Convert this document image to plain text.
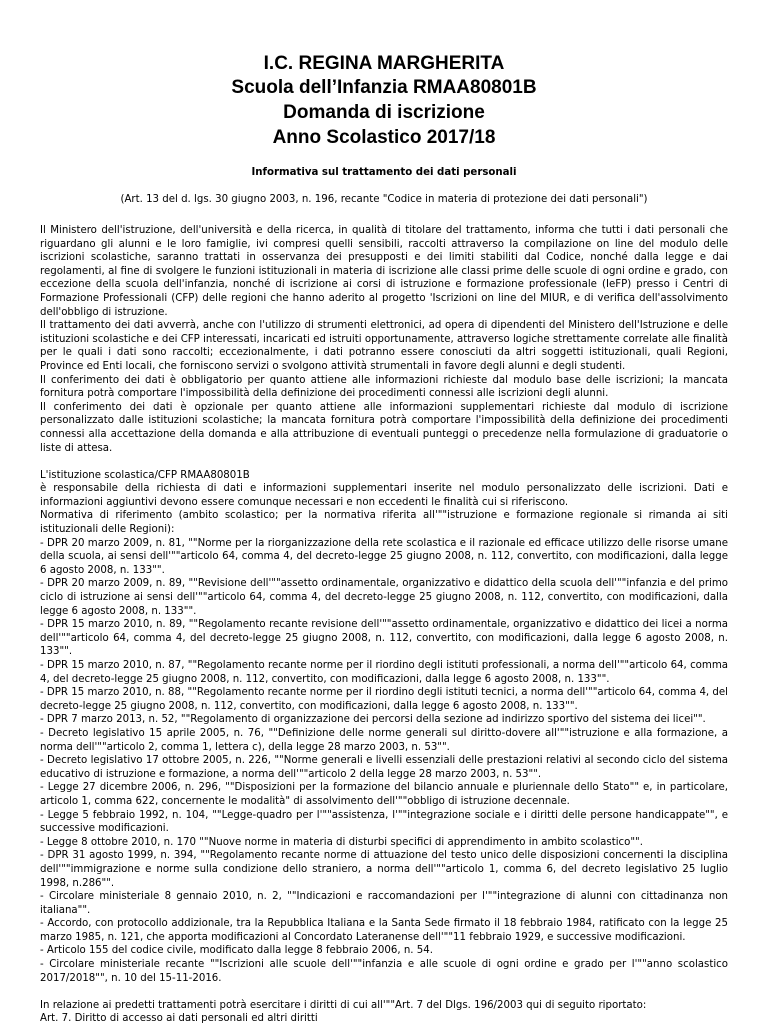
I.C. REGINA MARGHERITA
Scuola dell’Infanzia RMAA80801B
Domanda di iscrizione
Anno Scolastico 2017/18
Informativa sul trattamento dei dati personali
(Art. 13 del d. lgs. 30 giugno 2003, n. 196, recante "Codice in materia di protezione dei dati personali")

Il Ministero dell'istruzione, dell'università e della ricerca, in qualità di titolare del trattamento, informa che tutti i dati personali che riguardano gli alunni e le loro famiglie, ivi compresi quelli sensibili, raccolti attraverso la compilazione on line del modulo delle iscrizioni scolastiche, saranno trattati in osservanza dei presupposti e dei limiti stabiliti dal Codice, nonché dalla legge e dai regolamenti, al fine di svolgere le funzioni istituzionali in materia di iscrizione alle classi prime delle scuole di ogni ordine e grado, con eccezione della scuola dell'infanzia, nonché di iscrizione ai corsi di istruzione e formazione professionale (IeFP) presso i Centri di Formazione Professionali (CFP) delle regioni che hanno aderito al progetto 'Iscrizioni on line del MIUR, e di verifica dell'assolvimento dell'obbligo di istruzione.

Il trattamento dei dati avverrà, anche con l'utilizzo di strumenti elettronici, ad opera di dipendenti del Ministero dell'Istruzione e delle istituzioni scolastiche e dei CFP interessati, incaricati ed istruiti opportunamente, attraverso logiche strettamente correlate alle finalità per le quali i dati sono raccolti; eccezionalmente, i dati potranno essere conosciuti da altri soggetti istituzionali, quali Regioni, Province ed Enti locali, che forniscono servizi o svolgono attività strumentali in favore degli alunni e degli studenti.

Il conferimento dei dati è obbligatorio per quanto attiene alle informazioni richieste dal modulo base delle iscrizioni; la mancata fornitura potrà comportare l'impossibilità della definizione dei procedimenti connessi alle iscrizioni degli alunni.

Il conferimento dei dati è opzionale per quanto attiene alle informazioni supplementari richieste dal modulo di iscrizione personalizzato dalle istituzioni scolastiche; la mancata fornitura potrà comportare l'impossibilità della definizione dei procedimenti connessi alla accettazione della domanda e alla attribuzione di eventuali punteggi o precedenze nella formulazione di graduatorie o liste di attesa.

L'istituzione scolastica/CFP RMAA80801B

è responsabile della richiesta di dati e informazioni supplementari inserite nel modulo personalizzato delle iscrizioni. Dati e informazioni aggiuntivi devono essere comunque necessari e non eccedenti le finalità cui si riferiscono.

Normativa di riferimento (ambito scolastico; per la normativa riferita all'""istruzione e formazione regionale si rimanda ai siti istituzionali delle Regioni):

- DPR 20 marzo 2009, n. 81, ""Norme per la riorganizzazione della rete scolastica e il razionale ed efficace utilizzo delle risorse umane della scuola, ai sensi dell'""articolo 64, comma 4, del decreto-legge 25 giugno 2008, n. 112, convertito, con modificazioni, dalla legge 6 agosto 2008, n. 133"".

- DPR 20 marzo 2009, n. 89, ""Revisione dell'""assetto ordinamentale, organizzativo e didattico della scuola dell'""infanzia e del primo ciclo di istruzione ai sensi dell'""articolo 64, comma 4, del decreto-legge 25 giugno 2008, n. 112, convertito, con modificazioni, dalla legge 6 agosto 2008, n. 133"".

- DPR 15 marzo 2010, n. 89, ""Regolamento recante revisione dell'""assetto ordinamentale, organizzativo e didattico dei licei a norma dell'""articolo 64, comma 4, del decreto-legge 25 giugno 2008, n. 112, convertito, con modificazioni, dalla legge 6 agosto 2008, n. 133"".

- DPR 15 marzo 2010, n. 87, ""Regolamento recante norme per il riordino degli istituti professionali, a norma dell'""articolo 64, comma 4, del decreto-legge 25 giugno 2008, n. 112, convertito, con modificazioni, dalla legge 6 agosto 2008, n. 133"".

- DPR 15 marzo 2010, n. 88, ""Regolamento recante norme per il riordino degli istituti tecnici, a norma dell'""articolo 64, comma 4, del decreto-legge 25 giugno 2008, n. 112, convertito, con modificazioni, dalla legge 6 agosto 2008, n. 133"".

- DPR 7 marzo 2013, n. 52, ""Regolamento di organizzazione dei percorsi della sezione ad indirizzo sportivo del sistema dei licei"".

- Decreto legislativo 15 aprile 2005, n. 76, ""Definizione delle norme generali sul diritto-dovere all'""istruzione e alla formazione, a norma dell'""articolo 2, comma 1, lettera c), della legge 28 marzo 2003, n. 53"".

- Decreto legislativo 17 ottobre 2005, n. 226, ""Norme generali e livelli essenziali delle prestazioni relativi al secondo ciclo del sistema educativo di istruzione e formazione, a norma dell'""articolo 2 della legge 28 marzo 2003, n. 53"".

- Legge 27 dicembre 2006, n. 296, ""Disposizioni per la formazione del bilancio annuale e pluriennale dello Stato"" e, in particolare, articolo 1, comma 622, concernente le modalità" di assolvimento dell'""obbligo di istruzione decennale.

- Legge 5 febbraio 1992, n. 104, ""Legge-quadro per l'""assistenza, l'""integrazione sociale e i diritti delle persone handicappate"", e successive modificazioni.

- Legge 8 ottobre 2010, n. 170 ""Nuove norme in materia di disturbi specifici di apprendimento in ambito scolastico"".

- DPR 31 agosto 1999, n. 394, ""Regolamento recante norme di attuazione del testo unico delle disposizioni concernenti la disciplina dell'""immigrazione e norme sulla condizione dello straniero, a norma dell'""articolo 1, comma 6, del decreto legislativo 25 luglio 1998, n.286"".

- Circolare ministeriale 8 gennaio 2010, n. 2, ""Indicazioni e raccomandazioni per l'""integrazione di alunni con cittadinanza non italiana"".

- Accordo, con protocollo addizionale, tra la Repubblica Italiana e la Santa Sede firmato il 18 febbraio 1984, ratificato con la legge 25 marzo 1985, n. 121, che apporta modificazioni al Concordato Lateranense dell'""11 febbraio 1929, e successive modificazioni.

- Articolo 155 del codice civile, modificato dalla legge 8 febbraio 2006, n. 54.

- Circolare ministeriale recante ""Iscrizioni alle scuole dell'""infanzia e alle scuole di ogni ordine e grado per l'""anno scolastico 2017/2018"", n. 10 del 15-11-2016.

In relazione ai predetti trattamenti potrà esercitare i diritti di cui all'""Art. 7 del Dlgs. 196/2003 qui di seguito riportato:

Art. 7. Diritto di accesso ai dati personali ed altri diritti
